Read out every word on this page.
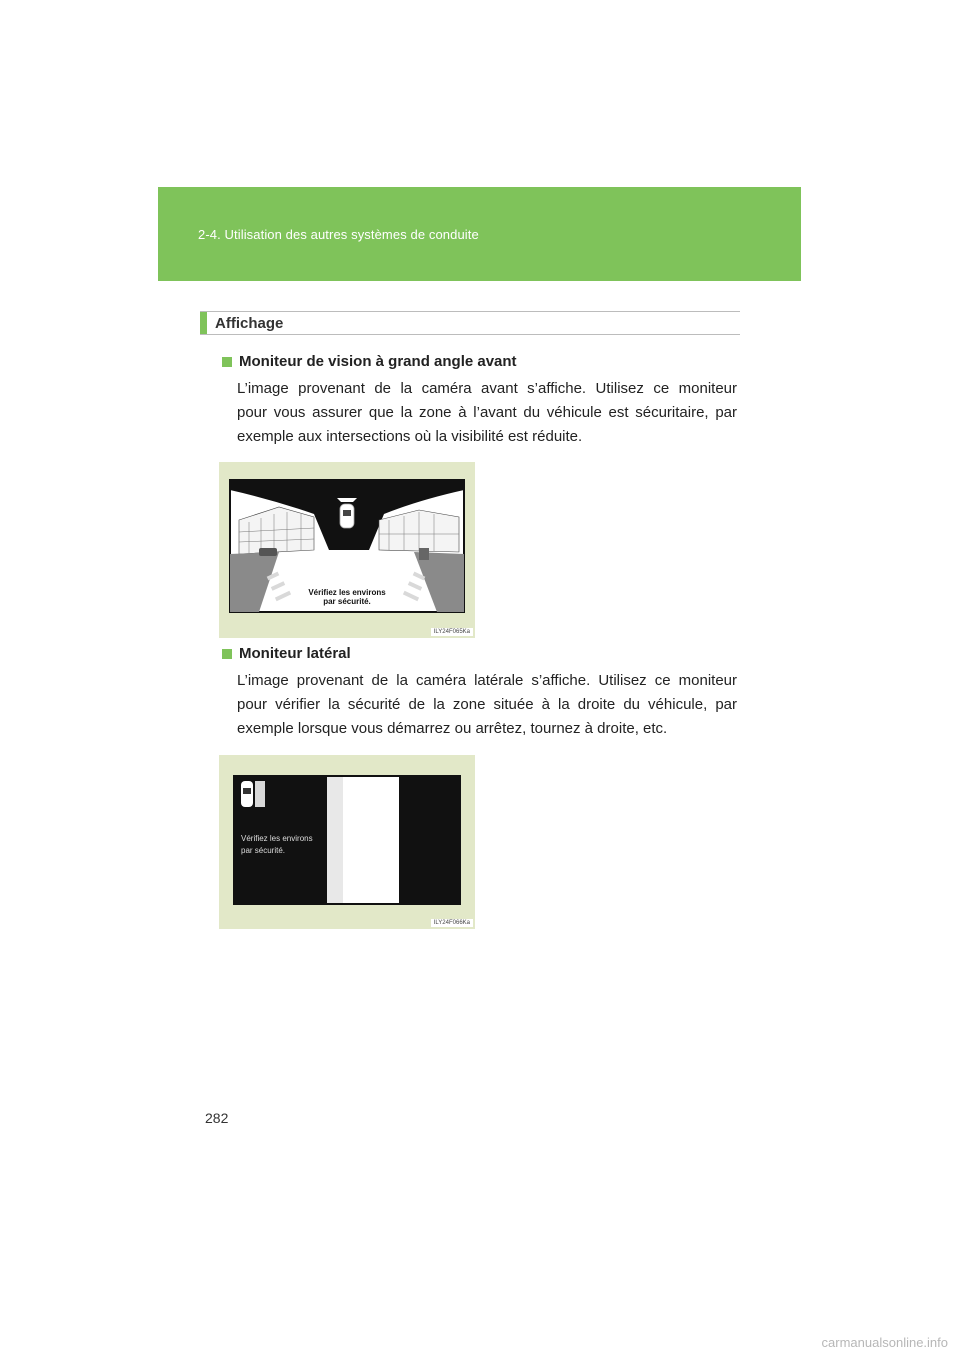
2-4. Utilisation des autres systèmes de conduite
Affichage
Moniteur de vision à grand angle avant
L’image provenant de la caméra avant s’affiche. Utilisez ce moniteur
pour vous assurer que la zone à l’avant du véhicule est sécuritaire, par
exemple aux intersections où la visibilité est réduite.
Vérifiez les environs
par sécurité.
ILY24F065Ka
Moniteur latéral
L’image provenant de la caméra latérale s’affiche. Utilisez ce moniteur
pour vérifier la sécurité de la zone située à la droite du véhicule, par
exemple lorsque vous démarrez ou arrêtez, tournez à droite, etc.
Vérifiez les environs
par sécurité.
ILY24F066Ka
282
carmanualsonline.info
